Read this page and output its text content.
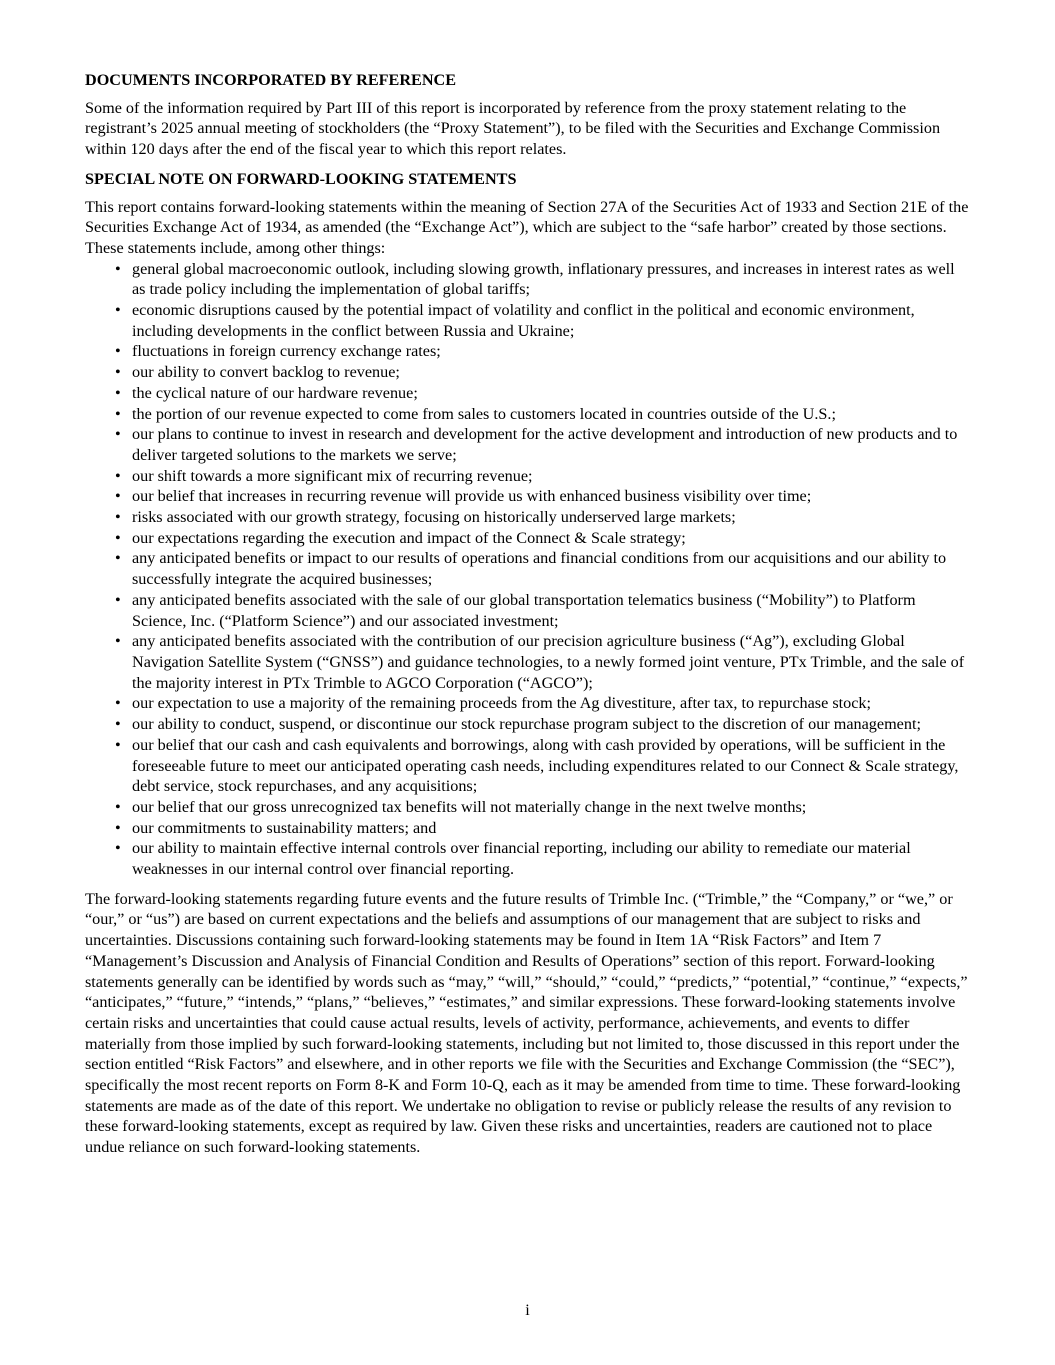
DOCUMENTS INCORPORATED BY REFERENCE

Some of the information required by Part III of this report is incorporated by reference from the proxy statement relating to the registrant’s 2025 annual meeting of stockholders (the “Proxy Statement”), to be filed with the Securities and Exchange Commission within 120 days after the end of the fiscal year to which this report relates.

SPECIAL NOTE ON FORWARD-LOOKING STATEMENTS

This report contains forward-looking statements within the meaning of Section 27A of the Securities Act of 1933 and Section 21E of the Securities Exchange Act of 1934, as amended (the “Exchange Act”), which are subject to the “safe harbor” created by those sections. These statements include, among other things:

• general global macroeconomic outlook, including slowing growth, inflationary pressures, and increases in interest rates as well as trade policy including the implementation of global tariffs;
• economic disruptions caused by the potential impact of volatility and conflict in the political and economic environment, including developments in the conflict between Russia and Ukraine;
• fluctuations in foreign currency exchange rates;
• our ability to convert backlog to revenue;
• the cyclical nature of our hardware revenue;
• the portion of our revenue expected to come from sales to customers located in countries outside of the U.S.;
• our plans to continue to invest in research and development for the active development and introduction of new products and to deliver targeted solutions to the markets we serve;
• our shift towards a more significant mix of recurring revenue;
• our belief that increases in recurring revenue will provide us with enhanced business visibility over time;
• risks associated with our growth strategy, focusing on historically underserved large markets;
• our expectations regarding the execution and impact of the Connect & Scale strategy;
• any anticipated benefits or impact to our results of operations and financial conditions from our acquisitions and our ability to successfully integrate the acquired businesses;
• any anticipated benefits associated with the sale of our global transportation telematics business (“Mobility”) to Platform Science, Inc. (“Platform Science”) and our associated investment;
• any anticipated benefits associated with the contribution of our precision agriculture business (“Ag”), excluding Global Navigation Satellite System (“GNSS”) and guidance technologies, to a newly formed joint venture, PTx Trimble, and the sale of the majority interest in PTx Trimble to AGCO Corporation (“AGCO”);
• our expectation to use a majority of the remaining proceeds from the Ag divestiture, after tax, to repurchase stock;
• our ability to conduct, suspend, or discontinue our stock repurchase program subject to the discretion of our management;
• our belief that our cash and cash equivalents and borrowings, along with cash provided by operations, will be sufficient in the foreseeable future to meet our anticipated operating cash needs, including expenditures related to our Connect & Scale strategy, debt service, stock repurchases, and any acquisitions;
• our belief that our gross unrecognized tax benefits will not materially change in the next twelve months;
• our commitments to sustainability matters; and
• our ability to maintain effective internal controls over financial reporting, including our ability to remediate our material weaknesses in our internal control over financial reporting.

The forward-looking statements regarding future events and the future results of Trimble Inc. (“Trimble,” the “Company,” or “we,” or “our,” or “us”) are based on current expectations and the beliefs and assumptions of our management that are subject to risks and uncertainties. Discussions containing such forward-looking statements may be found in Item 1A “Risk Factors” and Item 7 “Management’s Discussion and Analysis of Financial Condition and Results of Operations” section of this report. Forward-looking statements generally can be identified by words such as “may,” “will,” “should,” “could,” “predicts,” “potential,” “continue,” “expects,” “anticipates,” “future,” “intends,” “plans,” “believes,” “estimates,” and similar expressions. These forward-looking statements involve certain risks and uncertainties that could cause actual results, levels of activity, performance, achievements, and events to differ materially from those implied by such forward-looking statements, including but not limited to, those discussed in this report under the section entitled “Risk Factors” and elsewhere, and in other reports we file with the Securities and Exchange Commission (the “SEC”), specifically the most recent reports on Form 8-K and Form 10-Q, each as it may be amended from time to time. These forward-looking statements are made as of the date of this report. We undertake no obligation to revise or publicly release the results of any revision to these forward-looking statements, except as required by law. Given these risks and uncertainties, readers are cautioned not to place undue reliance on such forward-looking statements.

i
